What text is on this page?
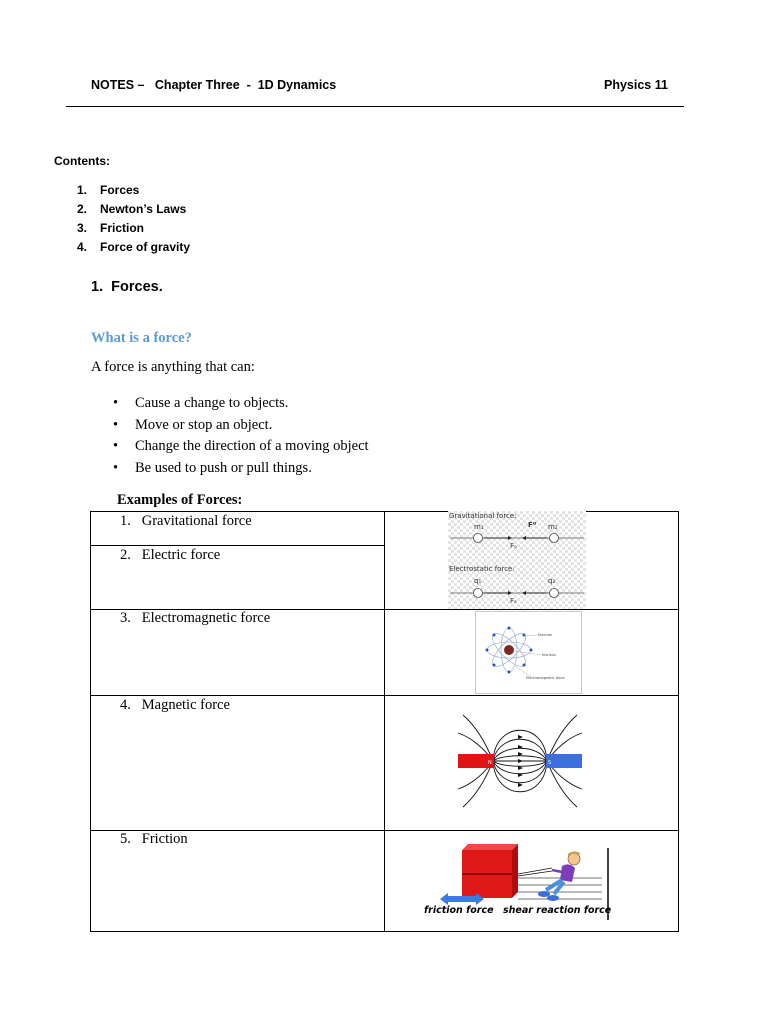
NOTES –   Chapter Three  -  1D Dynamics	Physics 11
Contents:
1.	Forces
2.	Newton’s Laws
3.	Friction
4.	Force of gravity
1.  Forces.
What is a force?
A force is anything that can:
• Cause a change to objects.
• Move or stop an object.
• Change the direction of a moving object
• Be used to push or pull things.
Examples of Forces:
1.   Gravitational force
2.   Electric force
3.   Electromagnetic force
4.   Magnetic force
5.   Friction
Gravitational force:
m₁	m₂
Fᴳ
Fₒ
Electrostatic force:
q₁	q₂
Fₑ
Electron
Nucleus
Electromagnetic force
N	S
friction force shear reaction force
